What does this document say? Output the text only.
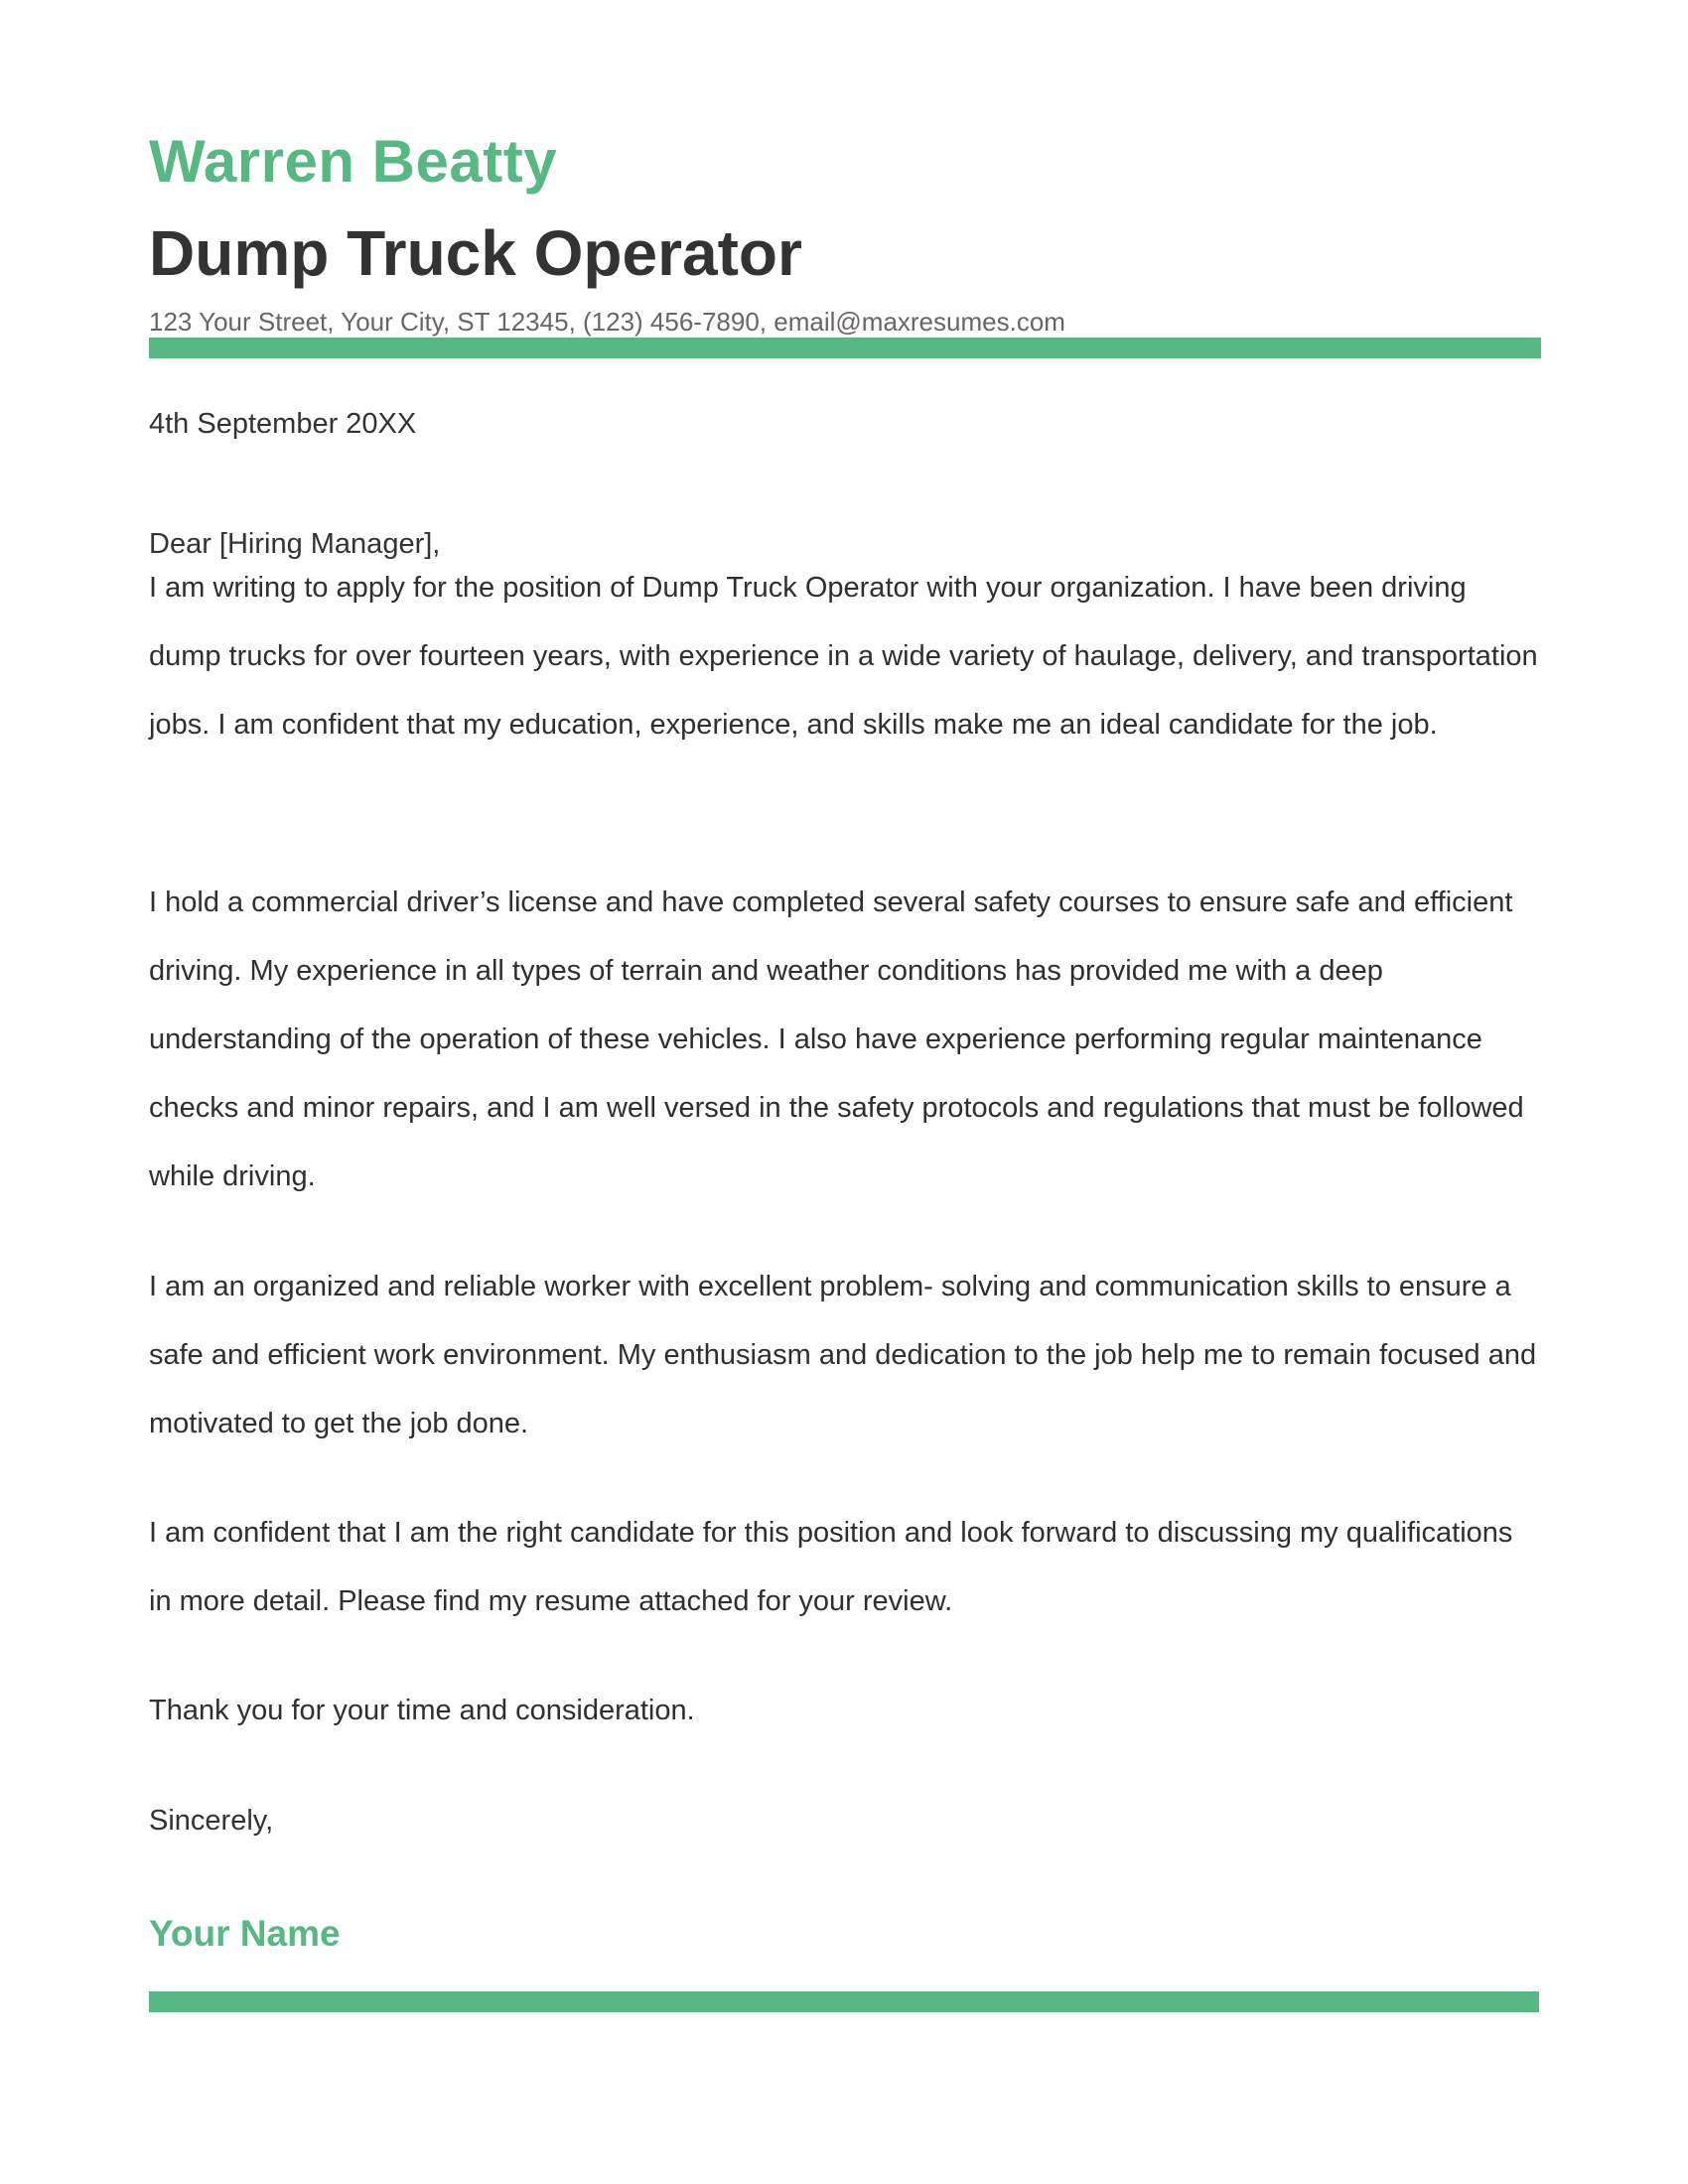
Warren Beatty
Dump Truck Operator
123 Your Street, Your City, ST 12345, (123) 456-7890, email@maxresumes.com
4th September 20XX
Dear [Hiring Manager],

I am writing to apply for the position of Dump Truck Operator with your organization. I have been driving dump trucks for over fourteen years, with experience in a wide variety of haulage, delivery, and transportation jobs. I am confident that my education, experience, and skills make me an ideal candidate for the job.

I hold a commercial driver’s license and have completed several safety courses to ensure safe and efficient driving. My experience in all types of terrain and weather conditions has provided me with a deep understanding of the operation of these vehicles. I also have experience performing regular maintenance checks and minor repairs, and I am well versed in the safety protocols and regulations that must be followed while driving.

I am an organized and reliable worker with excellent problem- solving and communication skills to ensure a safe and efficient work environment. My enthusiasm and dedication to the job help me to remain focused and motivated to get the job done.

I am confident that I am the right candidate for this position and look forward to discussing my qualifications in more detail. Please find my resume attached for your review.

Thank you for your time and consideration.

Sincerely,
Your Name
